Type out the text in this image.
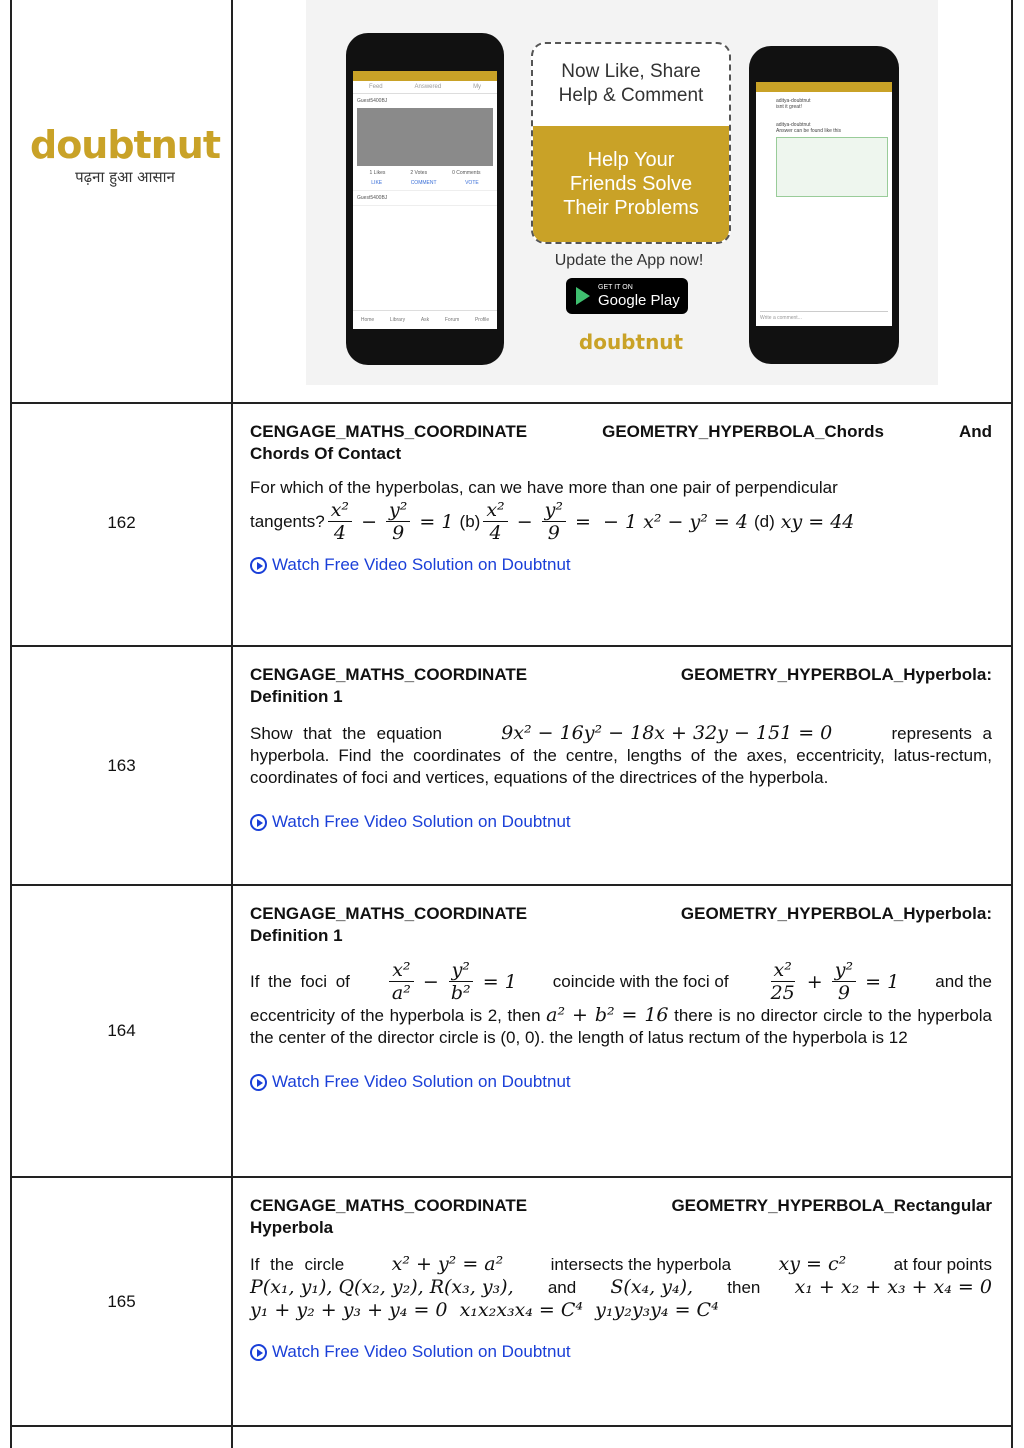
doubtnut
पढ़ना हुआ आसान
Feed	Answered	My
Guest5400BJ
1 Likes	2 Votes	0 Comments
LIKE	COMMENT	VOTE
Guest5400BJ
Home	Library	Ask	Forum	Profile
Now Like, Share
Help & Comment
Help Your
Friends Solve
Their Problems
Update the App now!
GET IT ON
Google Play
doubtnut
aditya-doubtnut
isnt it great!
aditya-doubtnut
Answer can be found like this
Write a comment...
162
CENGAGE_MATHS_COORDINATE	GEOMETRY_HYPERBOLA_Chords	And
Chords Of Contact
For which of the hyperbolas, can we have more than one pair of perpendicular
tangents? $\frac{\text{x²}}{4} - \frac{\text{y²}}{9} = 1$ $(b) \frac{\text{x²}}{4} - \frac{\text{y²}}{9}$ =  − 1 x² − y² = 4 (d) xy = 44
Watch Free Video Solution on Doubtnut
163
CENGAGE_MATHS_COORDINATE	GEOMETRY_HYPERBOLA_Hyperbola:
Definition 1
Show that the equation	9x² − 16y² − 18x + 32y − 151 = 0	represents a
hyperbola. Find the coordinates of the centre, lengths of the axes, eccentricity, latus-rectum, coordinates of foci and vertices, equations of the directrices of the hyperbola.
Watch Free Video Solution on Doubtnut
164
CENGAGE_MATHS_COORDINATE	GEOMETRY_HYPERBOLA_Hyperbola:
Definition 1
If the foci of $\frac{\text{x²}}{\text{a²}} - \frac{\text{y²}}{\text{b²}} = 1$ coincide with the foci of $\frac{\text{x²}}{25} + \frac{\text{y²}}{9} = 1$ and the
eccentricity of the hyperbola is 2, then a² + b² = 16 there is no director circle to the hyperbola the center of the director circle is (0, 0). the length of latus rectum of the hyperbola is 12
Watch Free Video Solution on Doubtnut
165
CENGAGE_MATHS_COORDINATE	GEOMETRY_HYPERBOLA_Rectangular
Hyperbola
If the circle x² + y² = a²	intersects the hyperbola xy = c²	at four points
P(x₁, y₁), Q(x₂, y₂), R(x₃, y₃), and S(x₄, y₄), then x₁ + x₂ + x₃ + x₄ = 0
y₁ + y₂ + y₃ + y₄ = 0  x₁x₂x₃x₄ = C⁴  y₁y₂y₃y₄ = C⁴
Watch Free Video Solution on Doubtnut
